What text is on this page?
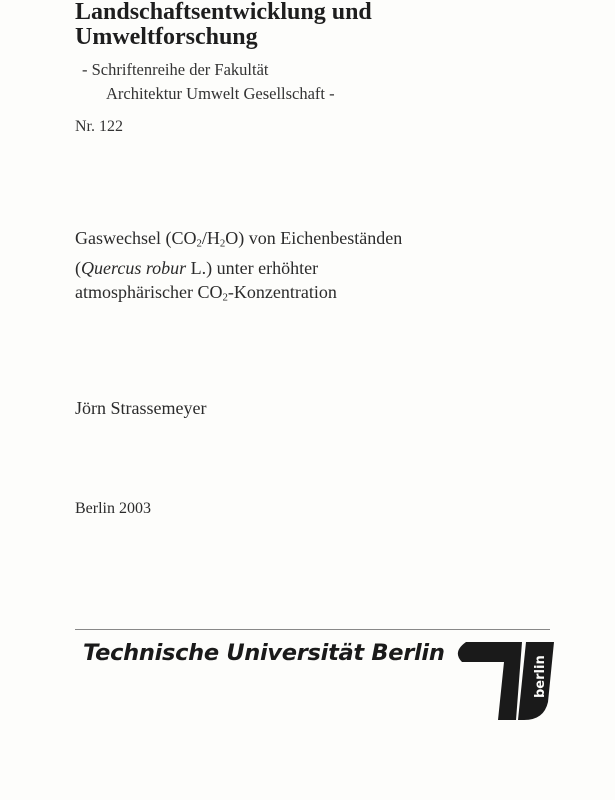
Landschaftsentwicklung und
Umweltforschung
- Schriftenreihe der Fakultät
Architektur Umwelt Gesellschaft -
Nr. 122
Gaswechsel $(CO_2/H_2O)$ von Eichenbeständen
(Quercus robur L.) unter erhöhter
atmosphärischer $CO_2$-Konzentration
Jörn Strassemeyer
Berlin 2003
Technische Universität Berlin
berlin
